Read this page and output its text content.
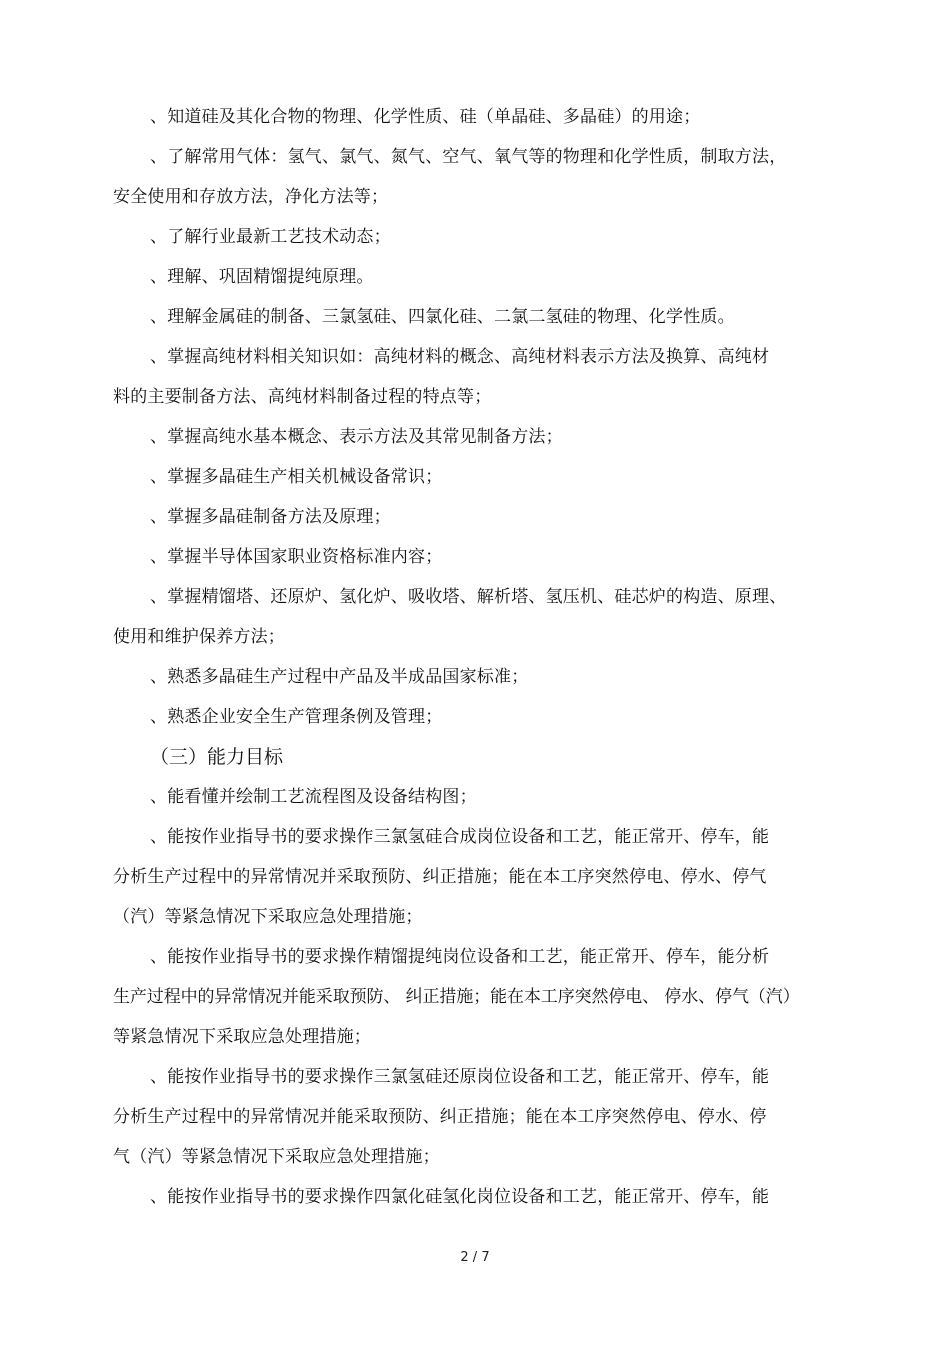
、知道硅及其化合物的物理、化学性质、硅（单晶硅、多晶硅）的用途；
、了解常用气体：氢气、氯气、氮气、空气、氧气等的物理和化学性质，制取方法，
安全使用和存放方法，净化方法等；
、了解行业最新工艺技术动态；
、理解、巩固精馏提纯原理。
、理解金属硅的制备、三氯氢硅、四氯化硅、二氯二氢硅的物理、化学性质。
、掌握高纯材料相关知识如：高纯材料的概念、高纯材料表示方法及换算、高纯材
料的主要制备方法、高纯材料制备过程的特点等；
、掌握高纯水基本概念、表示方法及其常见制备方法；
、掌握多晶硅生产相关机械设备常识；
、掌握多晶硅制备方法及原理；
、掌握半导体国家职业资格标准内容；
、掌握精馏塔、还原炉、氢化炉、吸收塔、解析塔、氢压机、硅芯炉的构造、原理、
使用和维护保养方法；
、熟悉多晶硅生产过程中产品及半成品国家标准；
、熟悉企业安全生产管理条例及管理；
（三）能力目标
、能看懂并绘制工艺流程图及设备结构图；
、能按作业指导书的要求操作三氯氢硅合成岗位设备和工艺，能正常开、停车，能
分析生产过程中的异常情况并采取预防、纠正措施；能在本工序突然停电、停水、停气
（汽）等紧急情况下采取应急处理措施；
、能按作业指导书的要求操作精馏提纯岗位设备和工艺，能正常开、停车，能分析
生产过程中的异常情况并能采取预防、 纠正措施；能在本工序突然停电、 停水、停气（汽）
等紧急情况下采取应急处理措施；
、能按作业指导书的要求操作三氯氢硅还原岗位设备和工艺，能正常开、停车，能
分析生产过程中的异常情况并能采取预防、纠正措施；能在本工序突然停电、停水、停
气（汽）等紧急情况下采取应急处理措施；
、能按作业指导书的要求操作四氯化硅氢化岗位设备和工艺，能正常开、停车，能
2 / 7
